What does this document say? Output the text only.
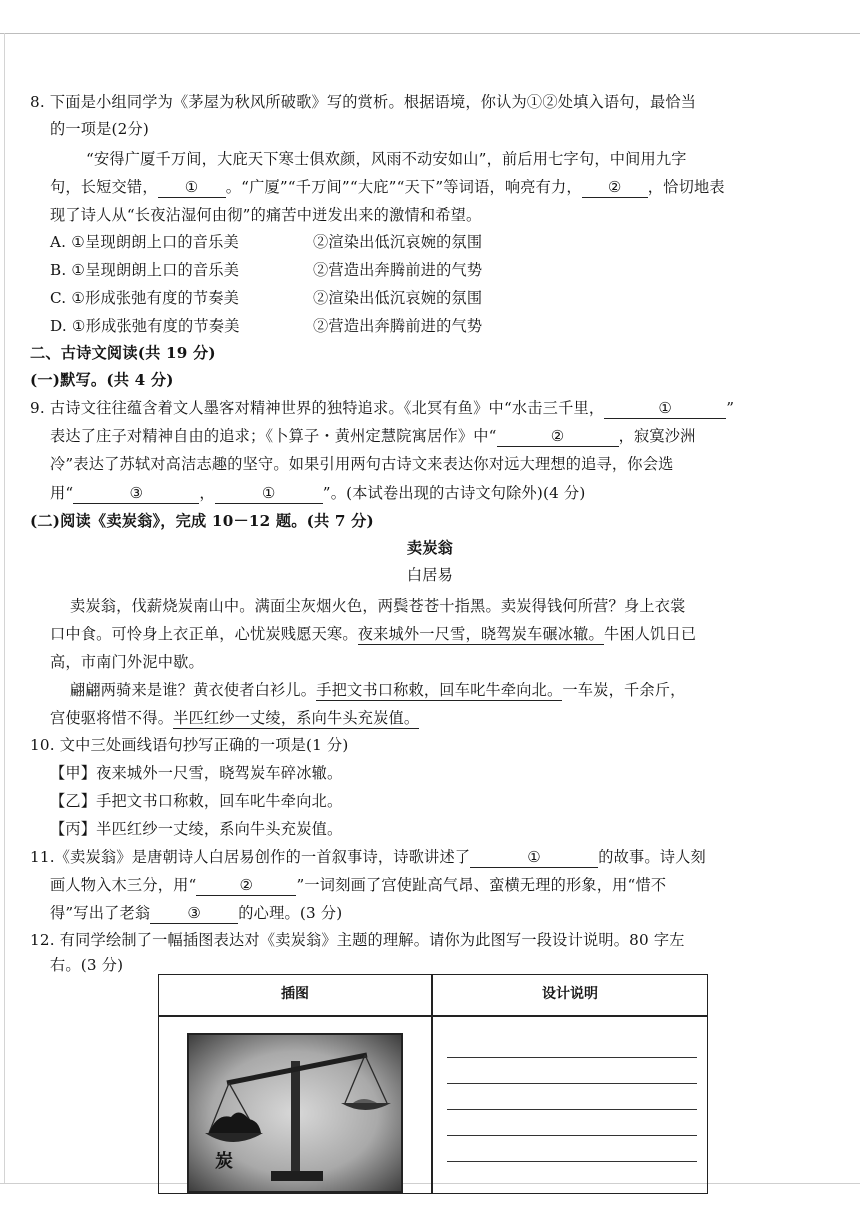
8. 下面是小组同学为《茅屋为秋风所破歌》写的赏析。根据语境，你认为①②处填入语句，最恰当
的一项是(2分)
“安得广厦千万间，大庇天下寒士俱欢颜，风雨不动安如山”，前后用七字句，中间用九字
句，长短交错， ① 。“广厦”“千万间”“大庇”“天下”等词语，响亮有力， ② ，恰切地表
现了诗人从“长夜沾湿何由彻”的痛苦中迸发出来的激情和希望。
A. ①呈现朗朗上口的音乐美	②渲染出低沉哀婉的氛围
B. ①呈现朗朗上口的音乐美	②营造出奔腾前进的气势
C. ①形成张弛有度的节奏美	②渲染出低沉哀婉的氛围
D. ①形成张弛有度的节奏美	②营造出奔腾前进的气势
二、古诗文阅读(共 19 分)
(一)默写。(共 4 分)
9. 古诗文往往蕴含着文人墨客对精神世界的独特追求。《北冥有鱼》中“水击三千里，	①	”
表达了庄子对精神自由的追求；《卜算子・黄州定慧院寓居作》中“	②	，寂寞沙洲
冷”表达了苏轼对高洁志趣的坚守。如果引用两句古诗文来表达你对远大理想的追寻，你会选
用“	③	，	①	”。(本试卷出现的古诗文句除外)(4 分)
(二)阅读《卖炭翁》，完成 10－12 题。(共 7 分)
卖炭翁
白居易
卖炭翁，伐薪烧炭南山中。满面尘灰烟火色，两鬓苍苍十指黑。卖炭得钱何所营？身上衣裳
口中食。可怜身上衣正单，心忧炭贱愿天寒。夜来城外一尺雪，晓驾炭车碾冰辙。牛困人饥日已
高，市南门外泥中歇。
翩翩两骑来是谁？黄衣使者白衫儿。手把文书口称敕，回车叱牛牵向北。一车炭，千余斤，
宫使驱将惜不得。半匹红纱一丈绫，系向牛头充炭值。
10. 文中三处画线语句抄写正确的一项是(1 分)
【甲】夜来城外一尺雪，晓驾炭车碎冰辙。
【乙】手把文书口称敕，回车叱牛牵向北。
【丙】半匹红纱一丈绫，系向牛头充炭值。
11.《卖炭翁》是唐朝诗人白居易创作的一首叙事诗，诗歌讲述了	①	的故事。诗人刻
画人物入木三分，用“	②	”一词刻画了宫使趾高气昂、蛮横无理的形象，用“惜不
得”写出了老翁 ③ 的心理。(3 分)
12. 有同学绘制了一幅插图表达对《卖炭翁》主题的理解。请你为此图写一段设计说明。80 字左
右。(3 分)
插图	设计说明
炭
